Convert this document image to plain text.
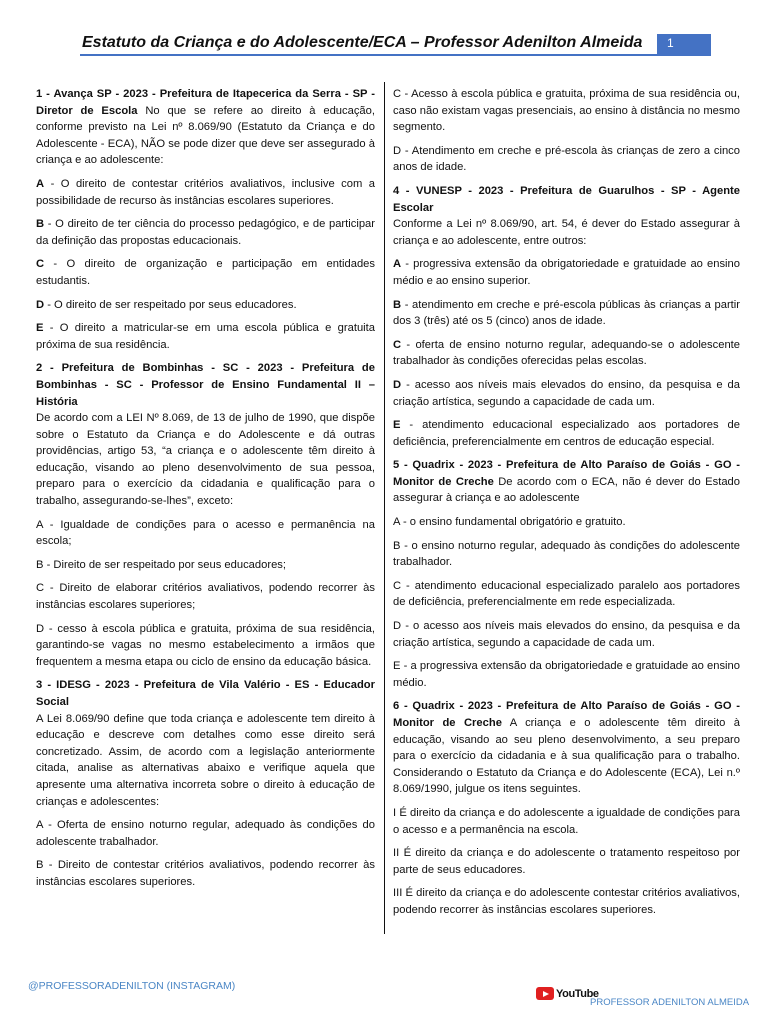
Estatuto da Criança e do Adolescente/ECA – Professor Adenilton Almeida	1

1 - Avança SP - 2023 - Prefeitura de Itapecerica da Serra - SP - Diretor de Escola No que se refere ao direito à educação, conforme previsto na Lei nº 8.069/90 (Estatuto da Criança e do Adolescente - ECA), NÃO se pode dizer que deve ser assegurado à criança e ao adolescente:

A - O direito de contestar critérios avaliativos, inclusive com a possibilidade de recurso às instâncias escolares superiores.

B - O direito de ter ciência do processo pedagógico, e de participar da definição das propostas educacionais.

C - O direito de organização e participação em entidades estudantis.

D - O direito de ser respeitado por seus educadores.

E - O direito a matricular-se em uma escola pública e gratuita próxima de sua residência.

2 - Prefeitura de Bombinhas - SC - 2023 - Prefeitura de Bombinhas - SC - Professor de Ensino Fundamental II – História
De acordo com a LEI Nº 8.069, de 13 de julho de 1990, que dispõe sobre o Estatuto da Criança e do Adolescente e dá outras providências, artigo 53, “a criança e o adolescente têm direito à educação, visando ao pleno desenvolvimento de sua pessoa, preparo para o exercício da cidadania e qualificação para o trabalho, assegurando-se-lhes”, exceto:

A - Igualdade de condições para o acesso e permanência na escola;

B - Direito de ser respeitado por seus educadores;

C - Direito de elaborar critérios avaliativos, podendo recorrer às instâncias escolares superiores;

D - cesso à escola pública e gratuita, próxima de sua residência, garantindo-se vagas no mesmo estabelecimento a irmãos que frequentem a mesma etapa ou ciclo de ensino da educação básica.

3 - IDESG - 2023 - Prefeitura de Vila Valério - ES - Educador Social
A Lei 8.069/90 define que toda criança e adolescente tem direito à educação e descreve com detalhes como esse direito será concretizado. Assim, de acordo com a legislação anteriormente citada, analise as alternativas abaixo e verifique aquela que apresente uma alternativa incorreta sobre o direito à educação de crianças e adolescentes:

A - Oferta de ensino noturno regular, adequado às condições do adolescente trabalhador.

B - Direito de contestar critérios avaliativos, podendo recorrer às instâncias escolares superiores.

C - Acesso à escola pública e gratuita, próxima de sua residência ou, caso não existam vagas presenciais, ao ensino à distância no mesmo segmento.

D - Atendimento em creche e pré-escola às crianças de zero a cinco anos de idade.

4 - VUNESP - 2023 - Prefeitura de Guarulhos - SP - Agente Escolar
Conforme a Lei nº 8.069/90, art. 54, é dever do Estado assegurar à criança e ao adolescente, entre outros:

A - progressiva extensão da obrigatoriedade e gratuidade ao ensino médio e ao ensino superior.

B - atendimento em creche e pré-escola públicas às crianças a partir dos 3 (três) até os 5 (cinco) anos de idade.

C - oferta de ensino noturno regular, adequando-se o adolescente trabalhador às condições oferecidas pelas escolas.

D - acesso aos níveis mais elevados do ensino, da pesquisa e da criação artística, segundo a capacidade de cada um.

E - atendimento educacional especializado aos portadores de deficiência, preferencialmente em centros de educação especial.

5 - Quadrix - 2023 - Prefeitura de Alto Paraíso de Goiás - GO - Monitor de Creche De acordo com o ECA, não é dever do Estado assegurar à criança e ao adolescente

A - o ensino fundamental obrigatório e gratuito.

B - o ensino noturno regular, adequado às condições do adolescente trabalhador.

C - atendimento educacional especializado paralelo aos portadores de deficiência, preferencialmente em rede especializada.

D - o acesso aos níveis mais elevados do ensino, da pesquisa e da criação artística, segundo a capacidade de cada um.

E - a progressiva extensão da obrigatoriedade e gratuidade ao ensino médio.

6 - Quadrix - 2023 - Prefeitura de Alto Paraíso de Goiás - GO - Monitor de Creche A criança e o adolescente têm direito à educação, visando ao seu pleno desenvolvimento, a seu preparo para o exercício da cidadania e à sua qualificação para o trabalho. Considerando o Estatuto da Criança e do Adolescente (ECA), Lei n.º 8.069/1990, julgue os itens seguintes.

I É direito da criança e do adolescente a igualdade de condições para o acesso e a permanência na escola.

II É direito da criança e do adolescente o tratamento respeitoso por parte de seus educadores.

III É direito da criança e do adolescente contestar critérios avaliativos, podendo recorrer às instâncias escolares superiores.

@PROFESSORADENILTON (INSTAGRAM)
YouTube
PROFESSOR ADENILTON ALMEIDA
